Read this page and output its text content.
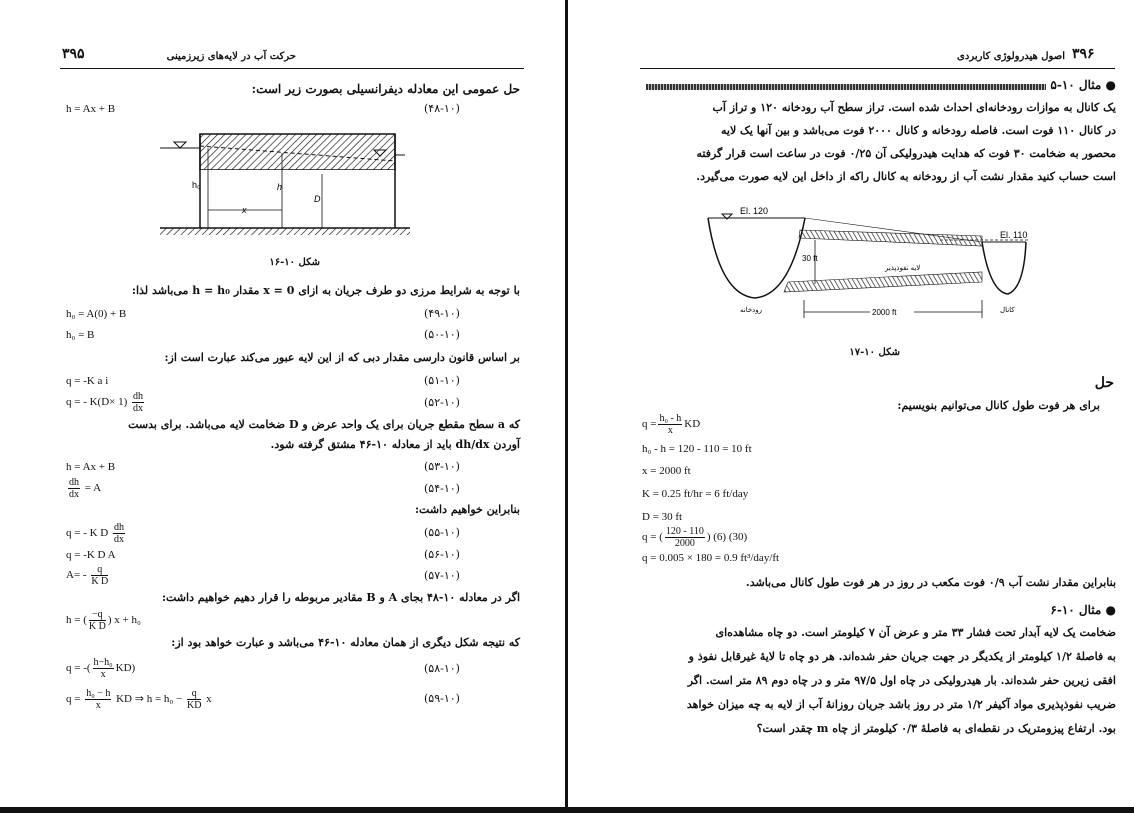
۳۹۵	حرکت آب در لایه‌های زیرزمینی
حل عمومی این معادله دیفرانسیلی بصورت زیر است:
h = Ax + B	(۴۸-۱۰)
h₀	h
D
x
شکل ۱۰-۱۶
با توجه به شرایط مرزی دو طرف جریان به ازای 0 = x مقدار h = h₀ می‌باشد لذا:
h₀ = A(0) + B	(۴۹-۱۰)
h₀ = B	(۵۰-۱۰)
بر اساس قانون دارسی مقدار دبی که از این لایه عبور می‌کند عبارت است از:
q = -K a i	(۵۱-۱۰)
q = - $K(D\times 1) \frac{dh}{dx}$	(۵۲-۱۰)
که a سطح مقطع جریان برای یک واحد عرض و D ضخامت لایه می‌باشد. برای بدست
آوردن dh/dx باید از معادله ۱۰-۴۶ مشتق گرفته شود.
h = Ax + B	(۵۳-۱۰)
$\frac{dh}{dx} = A$	(۵۴-۱۰)
بنابراین خواهیم داشت:
q = - K D $\frac{dh}{dx}$	(۵۵-۱۰)
q = -K D A	(۵۶-۱۰)
$A= - \frac{q}{\text{K D}}$	(۵۷-۱۰)
اگر در معادله ۱۰-۴۸ بجای A و B مقادیر مربوطه را قرار دهیم خواهیم داشت:
h = ( $\frac{-q}{\text{K D}}$ ) x + h₀
که نتیجه شکل دیگری از همان معادله ۱۰-۴۶ می‌باشد و عبارت خواهد بود از:
q = -( $\frac{\text{h−h₀}}{x} KD$)	(۵۸-۱۰)
$q = \frac{\text{h₀ − h}}{x}$ KD ⇒ $h = h_0 - \frac{q}{KD}$ x	(۵۹-۱۰)
۳۹۶
اصول هیدرولوژی کاربردی
● مثال ۱۰-۵
یک کانال به موازات رودخانه‌ای احداث شده است. تراز سطح آب رودخانه ۱۲۰ و تراز آب
در کانال ۱۱۰ فوت است. فاصله رودخانه و کانال ۲۰۰۰ فوت می‌باشد و بین آنها یک لایه
محصور به ضخامت ۳۰ فوت که هدایت هیدرولیکی آن ۰/۲۵ فوت در ساعت است قرار گرفته
است حساب کنید مقدار نشت آب از رودخانه به کانال راکه از داخل این لایه صورت می‌گیرد.
El. 120
El. 110
30 ft
لایه نفوذپذیر
2000 ft
رودخانه	کانال
شکل ۱۰-۱۷
حل
برای هر فوت طول کانال می‌توانیم بنویسیم:
$q = \frac{\text{h₀ - h}}{x}$ KD
h₀ - h = 120 - 110 = 10 ft
x = 2000 ft
K = 0.25 ft/hr = 6 ft/day
D = 30 ft
q = ( $\frac{120 - 110}{2000}$ ) (6) (30)
q = 0.005 × 180 = 0.9 ft³/day/ft
بنابراین مقدار نشت آب ۰/۹ فوت مکعب در روز در هر فوت طول کانال می‌باشد.
● مثال ۱۰-۶
ضخامت یک لایه آبدار تحت فشار ۳۳ متر و عرض آن ۷ کیلومتر است. دو چاه مشاهده‌ای
به فاصلهٔ ۱/۲ کیلومتر از یکدیگر در جهت جریان حفر شده‌اند. هر دو چاه تا لایهٔ غیرقابل نفوذ و
افقی زیرین حفر شده‌اند. بار هیدرولیکی در چاه اول ۹۷/۵ متر و در چاه دوم ۸۹ متر است. اگر
ضریب نفوذپذیری مواد آکیفر ۱/۲ متر در روز باشد جریان روزانهٔ آب از لایه به چه میزان خواهد
بود. ارتفاع پیزومتریک در نقطه‌ای به فاصلهٔ ۰/۳ کیلومتر از چاه m چقدر است؟
